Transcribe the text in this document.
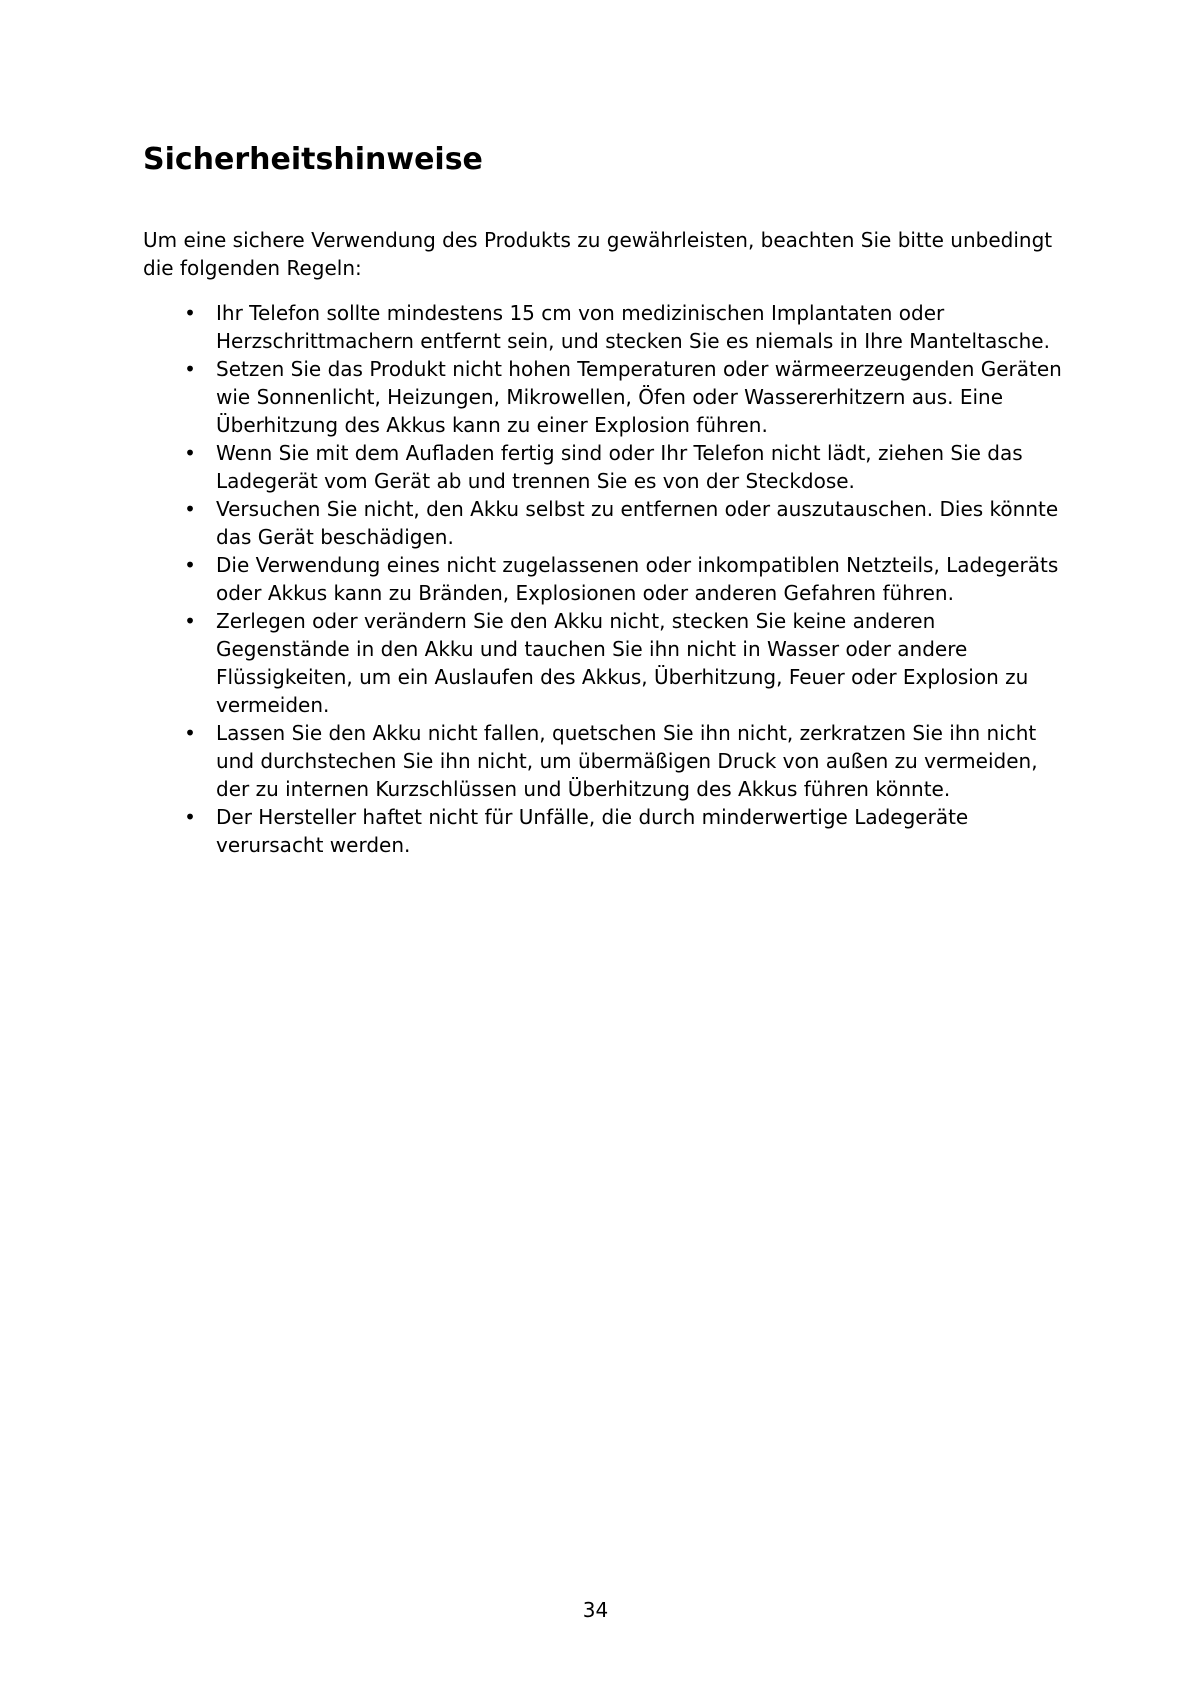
Sicherheitshinweise

Um eine sichere Verwendung des Produkts zu gewährleisten, beachten Sie bitte unbedingt die folgenden Regeln:

• Ihr Telefon sollte mindestens 15 cm von medizinischen Implantaten oder Herzschrittmachern entfernt sein, und stecken Sie es niemals in Ihre Manteltasche.
• Setzen Sie das Produkt nicht hohen Temperaturen oder wärmeerzeugenden Geräten wie Sonnenlicht, Heizungen, Mikrowellen, Öfen oder Wassererhitzern aus. Eine Überhitzung des Akkus kann zu einer Explosion führen.
• Wenn Sie mit dem Aufladen fertig sind oder Ihr Telefon nicht lädt, ziehen Sie das Ladegerät vom Gerät ab und trennen Sie es von der Steckdose.
• Versuchen Sie nicht, den Akku selbst zu entfernen oder auszutauschen. Dies könnte das Gerät beschädigen.
• Die Verwendung eines nicht zugelassenen oder inkompatiblen Netzteils, Ladegeräts oder Akkus kann zu Bränden, Explosionen oder anderen Gefahren führen.
• Zerlegen oder verändern Sie den Akku nicht, stecken Sie keine anderen Gegenstände in den Akku und tauchen Sie ihn nicht in Wasser oder andere Flüssigkeiten, um ein Auslaufen des Akkus, Überhitzung, Feuer oder Explosion zu vermeiden.
• Lassen Sie den Akku nicht fallen, quetschen Sie ihn nicht, zerkratzen Sie ihn nicht und durchstechen Sie ihn nicht, um übermäßigen Druck von außen zu vermeiden, der zu internen Kurzschlüssen und Überhitzung des Akkus führen könnte.
• Der Hersteller haftet nicht für Unfälle, die durch minderwertige Ladegeräte verursacht werden.

34
